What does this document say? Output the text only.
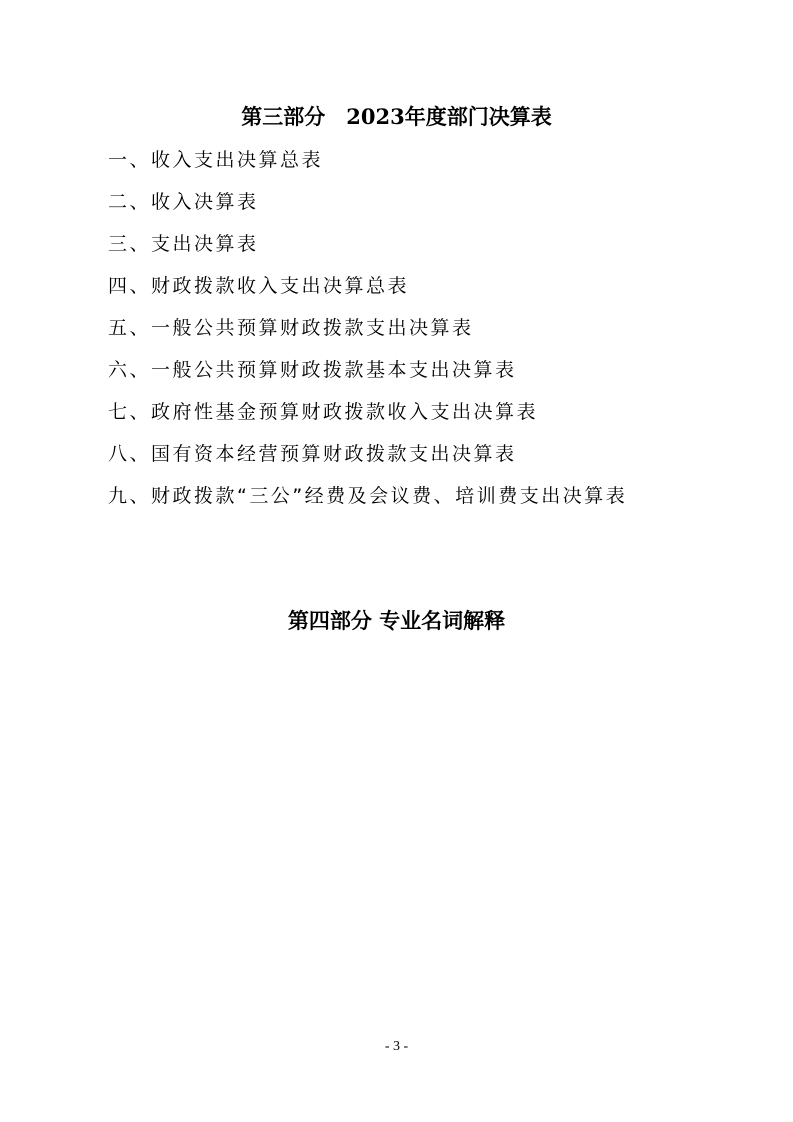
第三部分　2023年度部门决算表
一、收入支出决算总表
二、收入决算表
三、支出决算表
四、财政拨款收入支出决算总表
五、一般公共预算财政拨款支出决算表
六、一般公共预算财政拨款基本支出决算表
七、政府性基金预算财政拨款收入支出决算表
八、国有资本经营预算财政拨款支出决算表
九、财政拨款“三公”经费及会议费、培训费支出决算表
第四部分 专业名词解释
- 3 -
